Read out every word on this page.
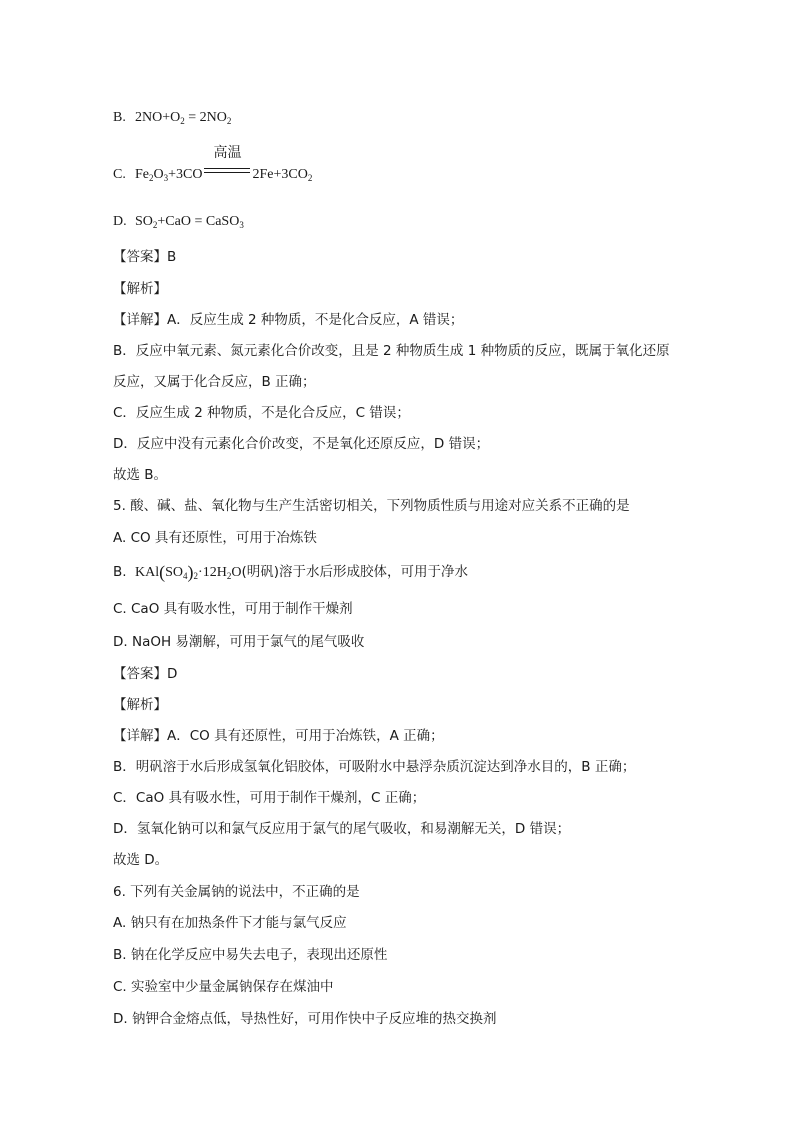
B. $2NO+O_2 = 2NO_2$
C. $Fe_2O_3+3CO$
高温
$2Fe+3CO_2$
D. $SO_2+CaO$ = CaSO$_3$
【答案】B
【解析】
【详解】A．反应生成 2 种物质，不是化合反应，A 错误；
B．反应中氧元素、氮元素化合价改变，且是 2 种物质生成 1 种物质的反应，既属于氧化还原
反应，又属于化合反应，B 正确；
C．反应生成 2 种物质，不是化合反应，C 错误；
D．反应中没有元素化合价改变，不是氧化还原反应，D 错误；
故选 B。
5. 酸、碱、盐、氧化物与生产生活密切相关，下列物质性质与用途对应关系不正确的是
A. CO 具有还原性，可用于冶炼铁
B. $KAl(SO_4)_2\cdot 12H_2O$(明矾)溶于水后形成胶体，可用于净水
C. CaO 具有吸水性，可用于制作干燥剂
D. NaOH 易潮解，可用于氯气的尾气吸收
【答案】D
【解析】
【详解】A．CO 具有还原性，可用于冶炼铁，A 正确；
B．明矾溶于水后形成氢氧化铝胶体，可吸附水中悬浮杂质沉淀达到净水目的，B 正确；
C．CaO 具有吸水性，可用于制作干燥剂，C 正确；
D．氢氧化钠可以和氯气反应用于氯气的尾气吸收，和易潮解无关，D 错误；
故选 D。
6. 下列有关金属钠的说法中，不正确的是
A. 钠只有在加热条件下才能与氯气反应
B. 钠在化学反应中易失去电子，表现出还原性
C. 实验室中少量金属钠保存在煤油中
D. 钠钾合金熔点低，导热性好，可用作快中子反应堆的热交换剂
